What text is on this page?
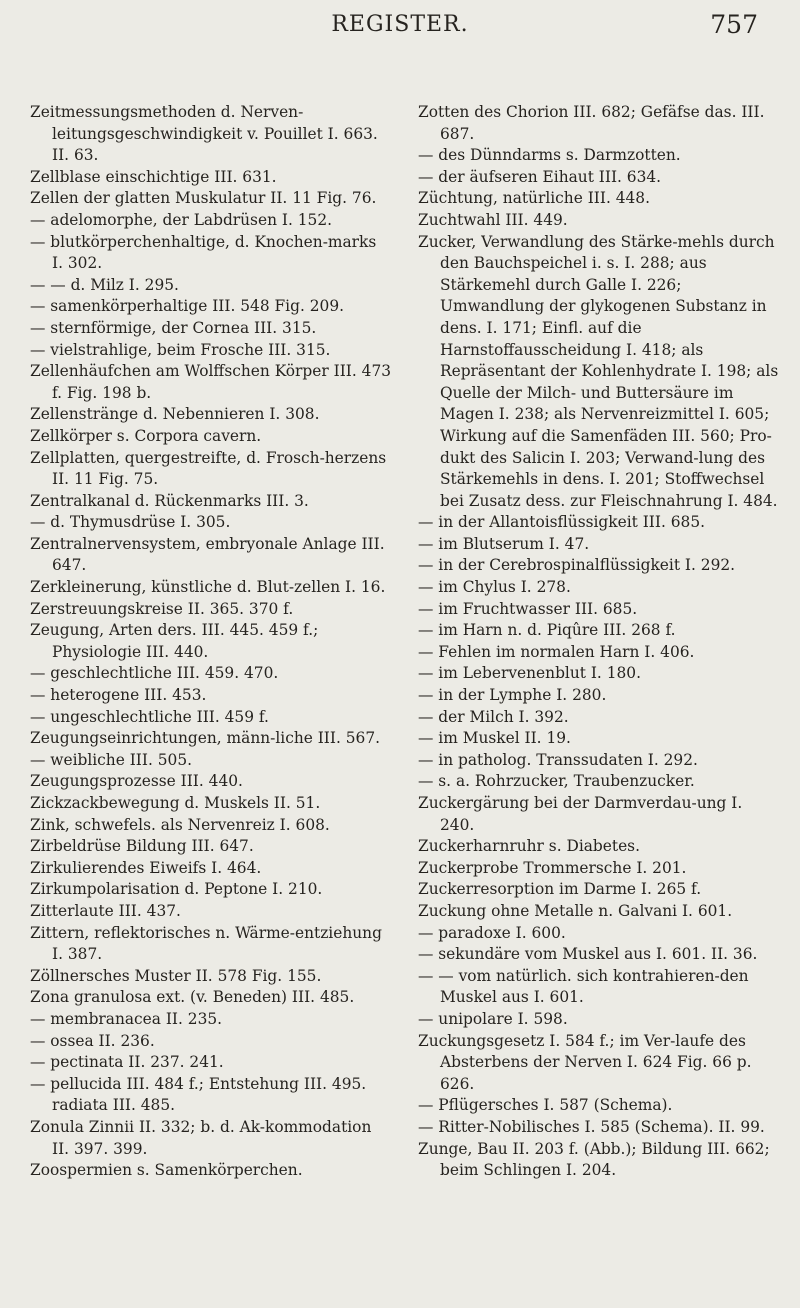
REGISTER.	757
Zeitmessungsmethoden d. Nerven-leitungsgeschwindigkeit v. Pouillet I. 663. II. 63.
Zellblase einschichtige III. 631.
Zellen der glatten Muskulatur II. 11 Fig. 76.
— adelomorphe, der Labdrüsen I. 152.
— blutkörperchenhaltige, d. Knochen-marks I. 302.
— — d. Milz I. 295.
— samenkörperhaltige III. 548 Fig. 209.
— sternförmige, der Cornea III. 315.
— vielstrahlige, beim Frosche III. 315.
Zellenhäufchen am Wolffschen Körper III. 473 f. Fig. 198 b.
Zellenstränge d. Nebennieren I. 308.
Zellkörper s. Corpora cavern.
Zellplatten, quergestreifte, d. Frosch-herzens II. 11 Fig. 75.
Zentralkanal d. Rückenmarks III. 3.
— d. Thymusdrüse I. 305.
Zentralnervensystem, embryonale Anlage III. 647.
Zerkleinerung, künstliche d. Blut-zellen I. 16.
Zerstreuungskreise II. 365. 370 f.
Zeugung, Arten ders. III. 445. 459 f.; Physiologie III. 440.
— geschlechtliche III. 459. 470.
— heterogene III. 453.
— ungeschlechtliche III. 459 f.
Zeugungseinrichtungen, männ-liche III. 567.
— weibliche III. 505.
Zeugungsprozesse III. 440.
Zickzackbewegung d. Muskels II. 51.
Zink, schwefels. als Nervenreiz I. 608.
Zirbeldrüse Bildung III. 647.
Zirkulierendes Eiweifs I. 464.
Zirkumpolarisation d. Peptone I. 210.
Zitterlaute III. 437.
Zittern, reflektorisches n. Wärme-entziehung I. 387.
Zöllnersches Muster II. 578 Fig. 155.
Zona granulosa ext. (v. Beneden) III. 485.
— membranacea II. 235.
— ossea II. 236.
— pectinata II. 237. 241.
— pellucida III. 484 f.; Entstehung III. 495.
radiata III. 485.
Zonula Zinnii II. 332; b. d. Ak-kommodation II. 397. 399.
Zoospermien s. Samenkörperchen.
Zotten des Chorion III. 682; Gefäfse das. III. 687.
— des Dünndarms s. Darmzotten.
— der äufseren Eihaut III. 634.
Züchtung, natürliche III. 448.
Zuchtwahl III. 449.
Zucker, Verwandlung des Stärke-mehls durch den Bauchspeichel i. s. I. 288; aus Stärkemehl durch Galle I. 226; Umwandlung der glykogenen Substanz in dens. I. 171; Einfl. auf die Harnstoffausscheidung I. 418; als Repräsentant der Kohlenhydrate I. 198; als Quelle der Milch- und Buttersäure im Magen I. 238; als Nervenreizmittel I. 605; Wirkung auf die Samenfäden III. 560; Pro-dukt des Salicin I. 203; Verwand-lung des Stärkemehls in dens. I. 201; Stoffwechsel bei Zusatz dess. zur Fleischnahrung I. 484.
— in der Allantoisflüssigkeit III. 685.
— im Blutserum I. 47.
— in der Cerebrospinalflüssigkeit I. 292.
— im Chylus I. 278.
— im Fruchtwasser III. 685.
— im Harn n. d. Piqûre III. 268 f.
— Fehlen im normalen Harn I. 406.
— im Lebervenenblut I. 180.
— in der Lymphe I. 280.
— der Milch I. 392.
— im Muskel II. 19.
— in patholog. Transsudaten I. 292.
— s. a. Rohrzucker, Traubenzucker.
Zuckergärung bei der Darmverdau-ung I. 240.
Zuckerharnruhr s. Diabetes.
Zuckerprobe Trommersche I. 201.
Zuckerresorption im Darme I. 265 f.
Zuckung ohne Metalle n. Galvani I. 601.
— paradoxe I. 600.
— sekundäre vom Muskel aus I. 601. II. 36.
— — vom natürlich. sich kontrahieren-den Muskel aus I. 601.
— unipolare I. 598.
Zuckungsgesetz I. 584 f.; im Ver-laufe des Absterbens der Nerven I. 624 Fig. 66 p. 626.
— Pflügersches I. 587 (Schema).
— Ritter-Nobilisches I. 585 (Schema). II. 99.
Zunge, Bau II. 203 f. (Abb.); Bildung III. 662; beim Schlingen I. 204.
